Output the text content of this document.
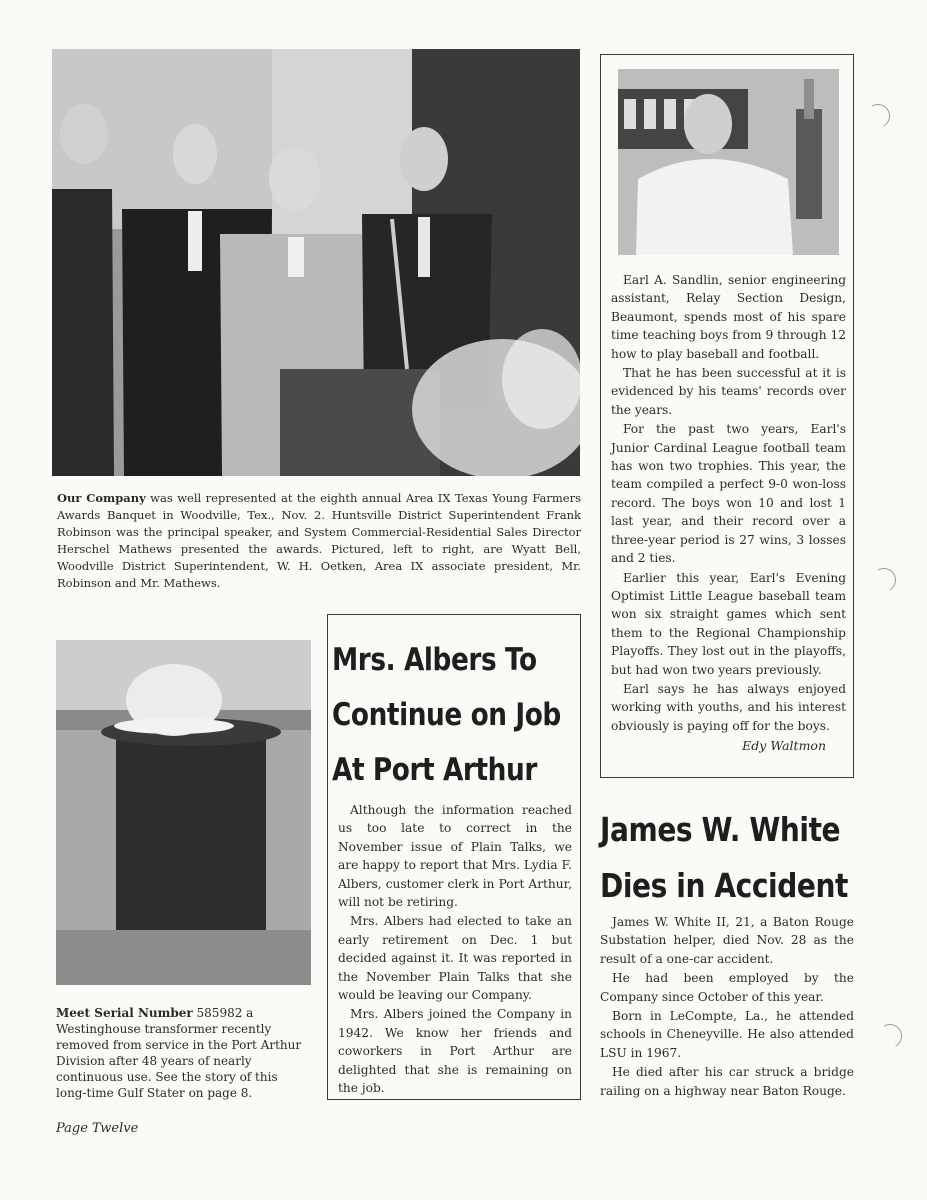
Our Company was well represented at the eighth annual Area IX Texas Young Farmers Awards Banquet in Woodville, Tex., Nov. 2. Huntsville District Superintendent Frank Robinson was the principal speaker, and System Commercial-Residential Sales Director Herschel Mathews presented the awards. Pictured, left to right, are Wyatt Bell, Woodville District Superintendent, W. H. Oetken, Area IX associate president, Mr. Robinson and Mr. Mathews.

Earl A. Sandlin, senior engineering assistant, Relay Section Design, Beaumont, spends most of his spare time teaching boys from 9 through 12 how to play baseball and football.

That he has been successful at it is evidenced by his teams' records over the years.

For the past two years, Earl's Junior Cardinal League football team has won two trophies. This year, the team compiled a perfect 9-0 won-loss record. The boys won 10 and lost 1 last year, and their record over a three-year period is 27 wins, 3 losses and 2 ties.

Earlier this year, Earl's Evening Optimist Little League baseball team won six straight games which sent them to the Regional Championship Playoffs. They lost out in the playoffs, but had won two years previously.

Earl says he has always enjoyed working with youths, and his interest obviously is paying off for the boys.

Edy Waltmon

Meet Serial Number 585982 a Westinghouse transformer recently removed from service in the Port Arthur Division after 48 years of nearly continuous use. See the story of this long-time Gulf Stater on page 8.

Mrs. Albers To
Continue on Job
At Port Arthur

Although the information reached us too late to correct in the November issue of Plain Talks, we are happy to report that Mrs. Lydia F. Albers, customer clerk in Port Arthur, will not be retiring.

Mrs. Albers had elected to take an early retirement on Dec. 1 but decided against it. It was reported in the November Plain Talks that she would be leaving our Company.

Mrs. Albers joined the Company in 1942. We know her friends and coworkers in Port Arthur are delighted that she is remaining on the job.

James W. White
Dies in Accident

James W. White II, 21, a Baton Rouge Substation helper, died Nov. 28 as the result of a one-car accident.

He had been employed by the Company since October of this year.

Born in LeCompte, La., he attended schools in Cheneyville. He also attended LSU in 1967.

He died after his car struck a bridge railing on a highway near Baton Rouge.

Page Twelve
